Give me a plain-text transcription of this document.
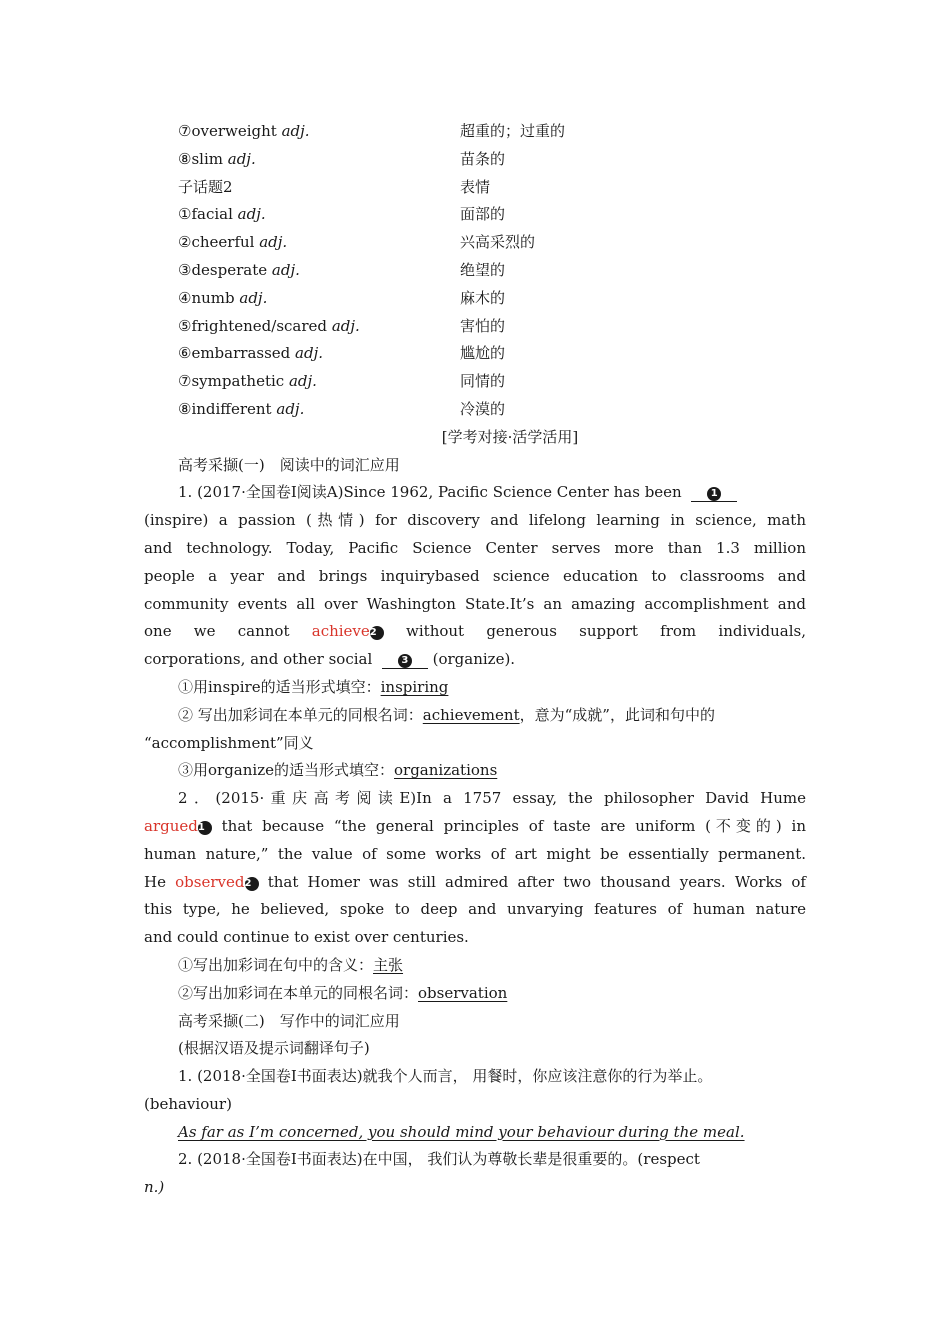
⑦overweight adj.	超重的；过重的
⑧slim adj.	苗条的
子话题2	表情
①facial adj.	面部的
②cheerful adj.	兴高采烈的
③desperate adj.	绝望的
④numb adj.	麻木的
⑤frightened/scared adj.	害怕的
⑥embarrassed adj.	尴尬的
⑦sympathetic adj.	同情的
⑧indifferent adj.	冷漠的
[学考对接·活学活用]
高考采撷(一)　阅读中的词汇应用
1. (2017·全国卷Ⅰ阅读A)Since 1962, Pacific Science Center has been	1
(inspire) a passion (热情) for discovery and lifelong learning in science, math
and technology. Today, Pacific Science Center serves more than 1.3 million
people a year and brings inquirybased science education to classrooms and
community events all over Washington State.It’s an amazing accomplishment and
one we cannot achieve2 without generous support from individuals,
corporations, and other social	3 (organize).
①用inspire的适当形式填空：inspiring
② 写出加彩词在本单元的同根名词：achievement，意为“成就”，此词和句中的
“accomplishment”同义
③用organize的适当形式填空：organizations
2．(2015·重庆高考阅读E)In a 1757 essay, the philosopher David Hume
argued1 that because “the general principles of taste are uniform (不变的) in
human nature,” the value of some works of art might be essentially permanent.
He observed2 that Homer was still admired after two thousand years. Works of
this type, he believed, spoke to deep and unvarying features of human nature
and could continue to exist over centuries.
①写出加彩词在句中的含义：主张
②写出加彩词在本单元的同根名词：observation
高考采撷(二)　写作中的词汇应用
(根据汉语及提示词翻译句子)
1. (2018·全国卷Ⅰ书面表达)就我个人而言， 用餐时，你应该注意你的行为举止。
(behaviour)
As far as I’m concerned, you should mind your behaviour during the meal.
2. (2018·全国卷Ⅰ书面表达)在中国， 我们认为尊敬长辈是很重要的。(respect
n.)
